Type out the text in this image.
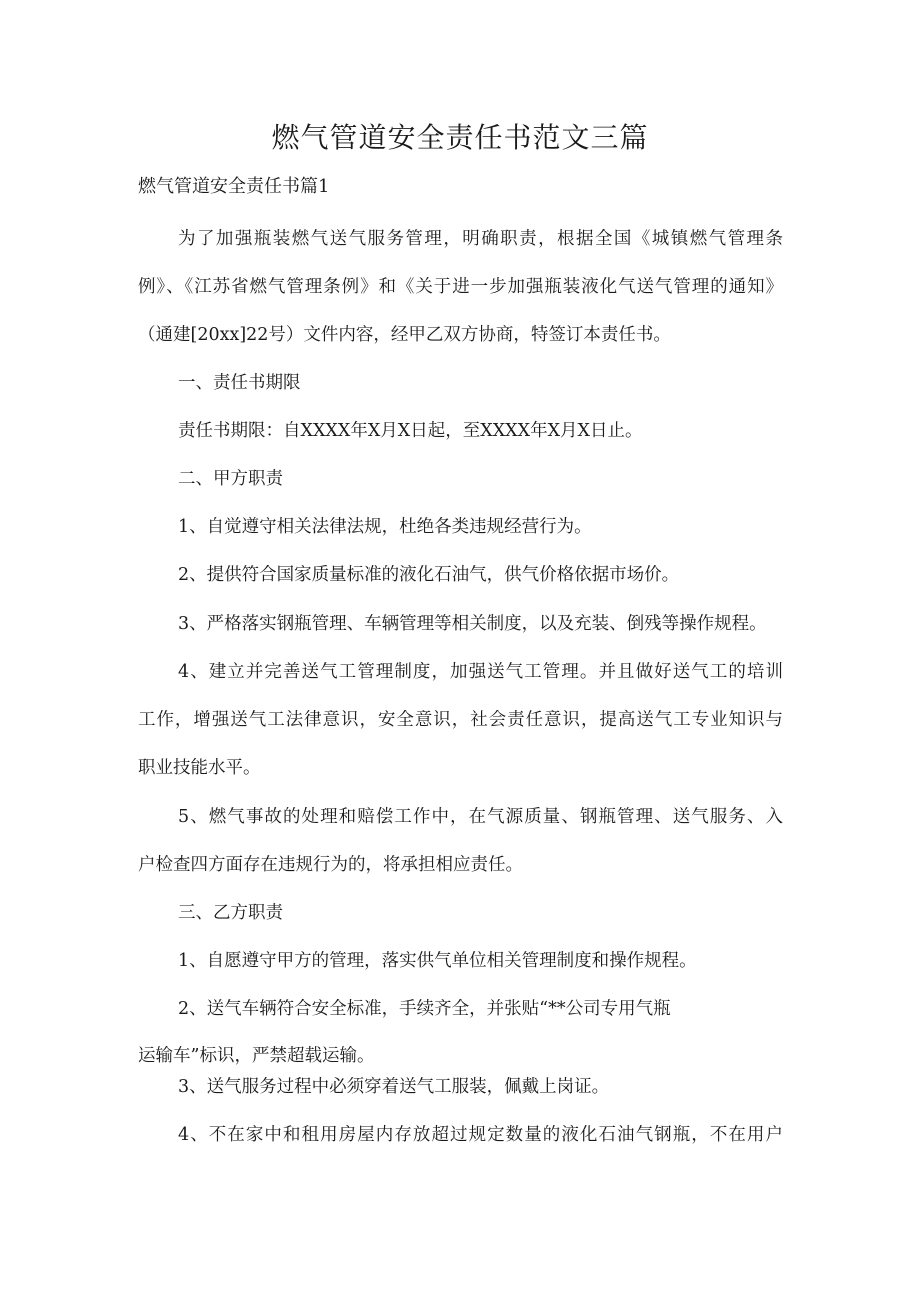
燃气管道安全责任书范文三篇
燃气管道安全责任书篇1

为了加强瓶装燃气送气服务管理，明确职责，根据全国《城镇燃气管理条

例》、《江苏省燃气管理条例》和《关于进一步加强瓶装液化气送气管理的通知》

（通建[20xx]22号）文件内容，经甲乙双方协商，特签订本责任书。

一、责任书期限

责任书期限：自XXXX年X月X日起，至XXXX年X月X日止。

二、甲方职责

1、自觉遵守相关法律法规，杜绝各类违规经营行为。

2、提供符合国家质量标准的液化石油气，供气价格依据市场价。

3、严格落实钢瓶管理、车辆管理等相关制度，以及充装、倒残等操作规程。

4、建立并完善送气工管理制度，加强送气工管理。并且做好送气工的培训

工作，增强送气工法律意识，安全意识，社会责任意识，提高送气工专业知识与

职业技能水平。

5、燃气事故的处理和赔偿工作中，在气源质量、钢瓶管理、送气服务、入

户检查四方面存在违规行为的，将承担相应责任。

三、乙方职责

1、自愿遵守甲方的管理，落实供气单位相关管理制度和操作规程。

2、送气车辆符合安全标准，手续齐全，并张贴“**公司专用气瓶

运输车”标识，严禁超载运输。

3、送气服务过程中必须穿着送气工服装，佩戴上岗证。

4、不在家中和租用房屋内存放超过规定数量的液化石油气钢瓶，不在用户
